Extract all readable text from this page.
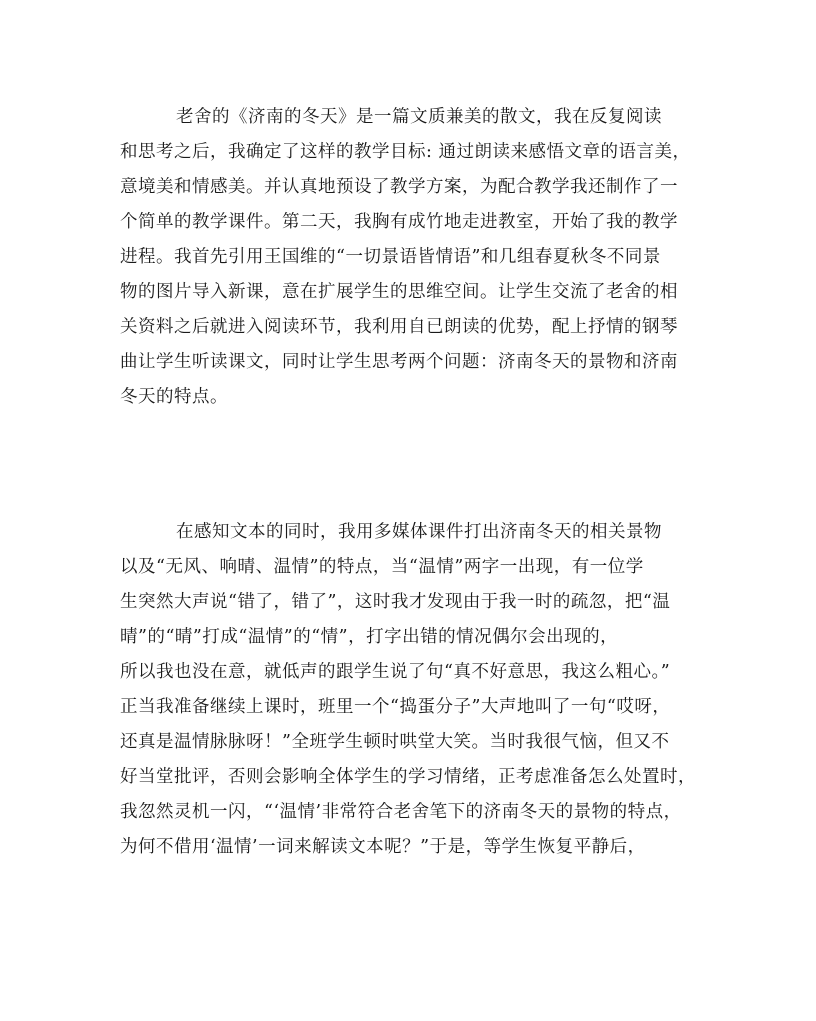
老舍的《济南的冬天》是一篇文质兼美的散文，我在反复阅读
和思考之后，我确定了这样的教学目标: 通过朗读来感悟文章的语言美，
意境美和情感美。并认真地预设了教学方案，为配合教学我还制作了一
个简单的教学课件。第二天，我胸有成竹地走进教室，开始了我的教学
进程。我首先引用王国维的“一切景语皆情语”和几组春夏秋冬不同景
物的图片导入新课，意在扩展学生的思维空间。让学生交流了老舍的相
关资料之后就进入阅读环节，我利用自已朗读的优势，配上抒情的钢琴
曲让学生听读课文，同时让学生思考两个问题：济南冬天的景物和济南
冬天的特点。
在感知文本的同时，我用多媒体课件打出济南冬天的相关景物
以及“无风、响晴、温情”的特点，当“温情”两字一出现，有一位学
生突然大声说“错了，错了”，这时我才发现由于我一时的疏忽，把“温
晴”的“晴”打成“温情”的“情”，打字出错的情况偶尔会出现的，
所以我也没在意，就低声的跟学生说了句“真不好意思，我这么粗心。”
正当我准备继续上课时，班里一个“捣蛋分子”大声地叫了一句“哎呀，
还真是温情脉脉呀！”全班学生顿时哄堂大笑。当时我很气恼，但又不
好当堂批评，否则会影响全体学生的学习情绪，正考虑准备怎么处置时，
我忽然灵机一闪，“‘温情’非常符合老舍笔下的济南冬天的景物的特点，
为何不借用‘温情’一词来解读文本呢？”于是，等学生恢复平静后，
